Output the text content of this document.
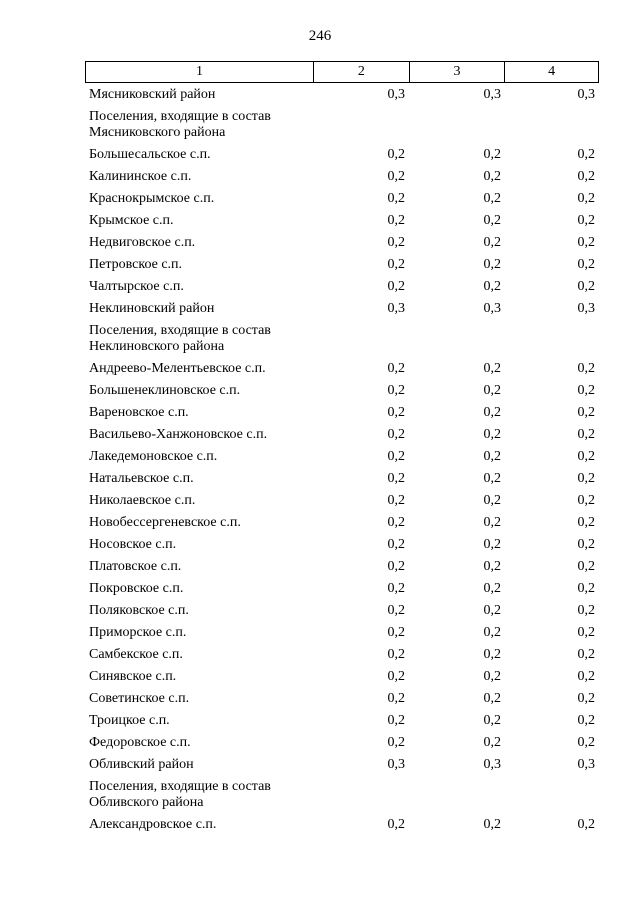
246
1	2	3	4
Мясниковский район	0,3	0,3	0,3
Поселения, входящие в состав Мясниковского района
Большесальское с.п.	0,2	0,2	0,2
Калининское с.п.	0,2	0,2	0,2
Краснокрымское с.п.	0,2	0,2	0,2
Крымское с.п.	0,2	0,2	0,2
Недвиговское с.п.	0,2	0,2	0,2
Петровское с.п.	0,2	0,2	0,2
Чалтырское с.п.	0,2	0,2	0,2
Неклиновский район	0,3	0,3	0,3
Поселения, входящие в состав Неклиновского района
Андреево-Мелентьевское с.п.	0,2	0,2	0,2
Большенеклиновское с.п.	0,2	0,2	0,2
Вареновское с.п.	0,2	0,2	0,2
Васильево-Ханжоновское с.п.	0,2	0,2	0,2
Лакедемоновское с.п.	0,2	0,2	0,2
Натальевское с.п.	0,2	0,2	0,2
Николаевское с.п.	0,2	0,2	0,2
Новобессергеневское с.п.	0,2	0,2	0,2
Носовское с.п.	0,2	0,2	0,2
Платовское с.п.	0,2	0,2	0,2
Покровское с.п.	0,2	0,2	0,2
Поляковское с.п.	0,2	0,2	0,2
Приморское с.п.	0,2	0,2	0,2
Самбекское с.п.	0,2	0,2	0,2
Синявское с.п.	0,2	0,2	0,2
Советинское с.п.	0,2	0,2	0,2
Троицкое с.п.	0,2	0,2	0,2
Федоровское с.п.	0,2	0,2	0,2
Обливский район	0,3	0,3	0,3
Поселения, входящие в состав Обливского района
Александровское с.п.	0,2	0,2	0,2
